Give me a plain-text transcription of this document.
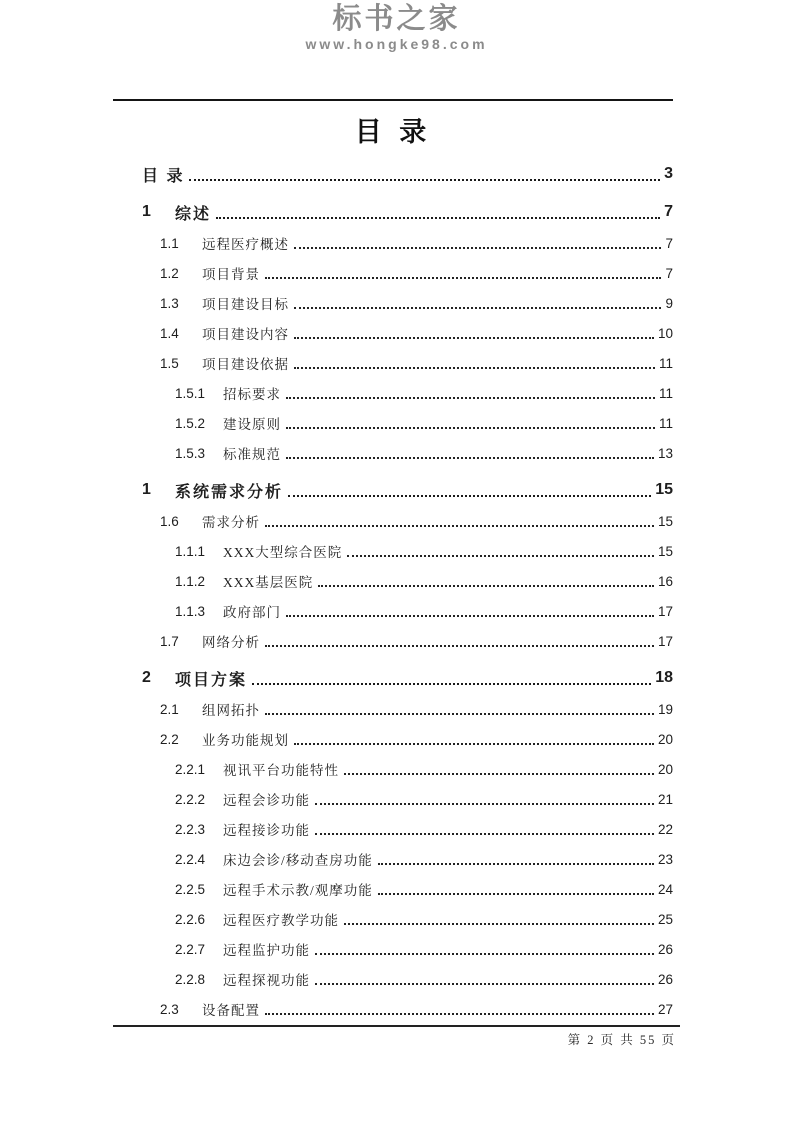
标书之家
www.hongke98.com
目 录
目 录	3
1	综述	7
1.1	远程医疗概述	7
1.2	项目背景	7
1.3	项目建设目标	9
1.4	项目建设内容	10
1.5	项目建设依据	11
1.5.1	招标要求	11
1.5.2	建设原则	11
1.5.3	标准规范	13
1	系统需求分析	15
1.6	需求分析	15
1.1.1	XXX大型综合医院	15
1.1.2	XXX基层医院	16
1.1.3	政府部门	17
1.7	网络分析	17
2	项目方案	18
2.1	组网拓扑	19
2.2	业务功能规划	20
2.2.1	视讯平台功能特性	20
2.2.2	远程会诊功能	21
2.2.3	远程接诊功能	22
2.2.4	床边会诊/移动查房功能	23
2.2.5	远程手术示教/观摩功能	24
2.2.6	远程医疗教学功能	25
2.2.7	远程监护功能	26
2.2.8	远程探视功能	26
2.3	设备配置	27
第 2 页 共 55 页
